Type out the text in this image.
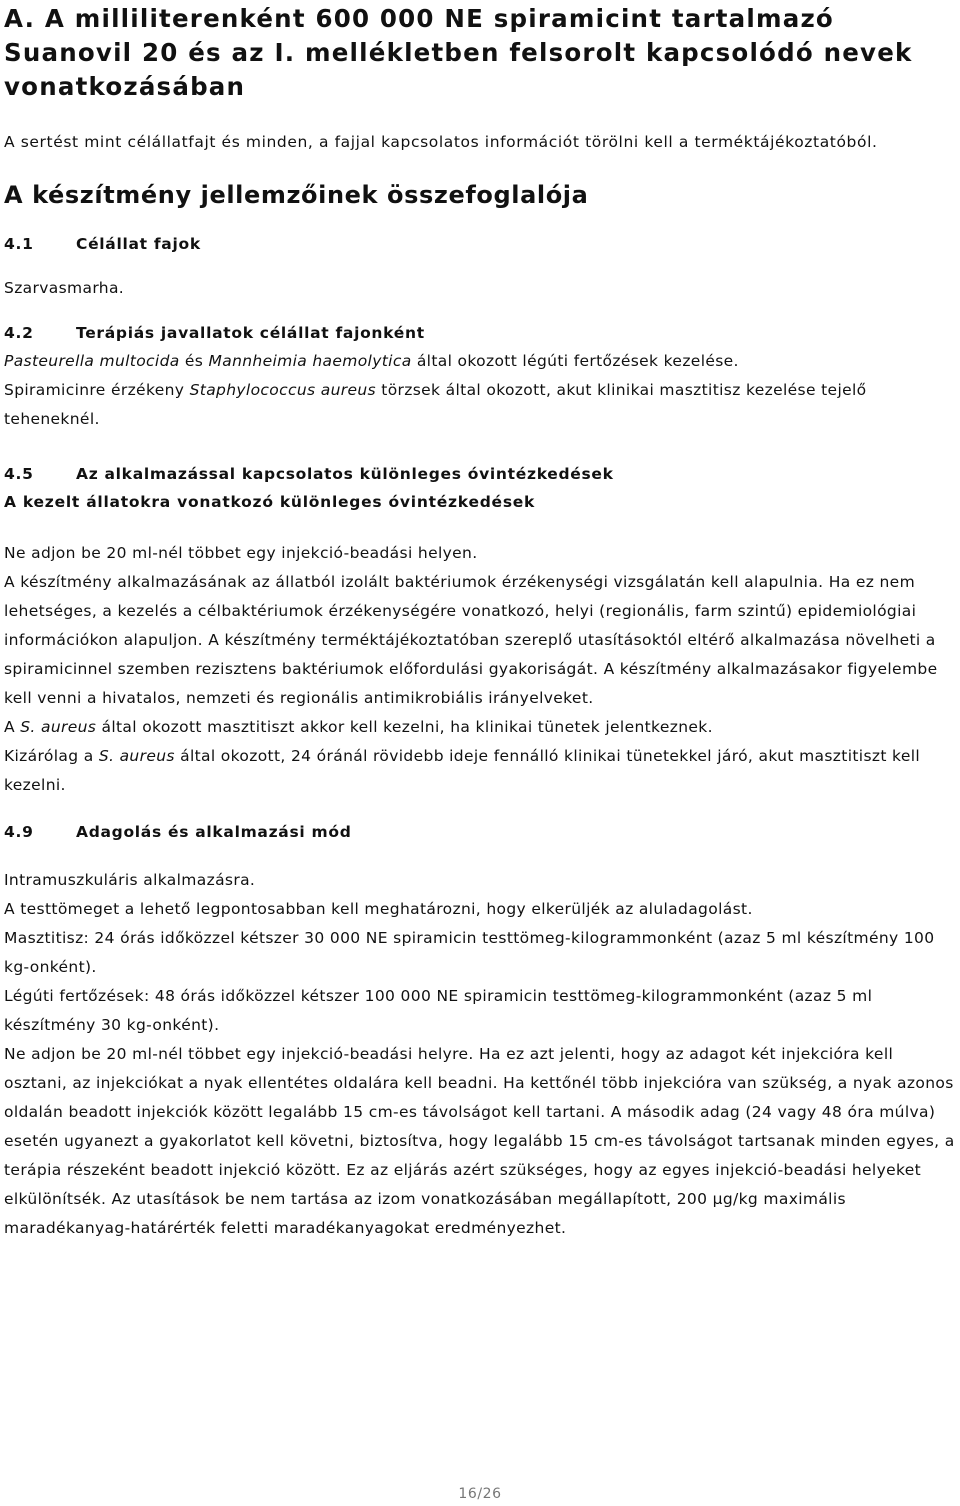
A. A milliliterenként 600 000 NE spiramicint tartalmazó Suanovil 20 és az I. mellékletben felsorolt kapcsolódó nevek vonatkozásában

A sertést mint célállatfajt és minden, a fajjal kapcsolatos információt törölni kell a terméktájékoztatóból.

A készítmény jellemzőinek összefoglalója
4.1	Célállat fajok

Szarvasmarha.

4.2	Terápiás javallatok célállat fajonként

Pasteurella multocida és Mannheimia haemolytica által okozott légúti fertőzések kezelése.

Spiramicinre érzékeny Staphylococcus aureus törzsek által okozott, akut klinikai masztitisz kezelése tejelő teheneknél.

4.5	Az alkalmazással kapcsolatos különleges óvintézkedések

A kezelt állatokra vonatkozó különleges óvintézkedések

Ne adjon be 20 ml-nél többet egy injekció-beadási helyen.

A készítmény alkalmazásának az állatból izolált baktériumok érzékenységi vizsgálatán kell alapulnia. Ha ez nem lehetséges, a kezelés a célbaktériumok érzékenységére vonatkozó, helyi (regionális, farm szintű) epidemiológiai információkon alapuljon. A készítmény terméktájékoztatóban szereplő utasításoktól eltérő alkalmazása növelheti a spiramicinnel szemben rezisztens baktériumok előfordulási gyakoriságát. A készítmény alkalmazásakor figyelembe kell venni a hivatalos, nemzeti és regionális antimikrobiális irányelveket.

A S. aureus által okozott masztitiszt akkor kell kezelni, ha klinikai tünetek jelentkeznek.

Kizárólag a S. aureus által okozott, 24 óránál rövidebb ideje fennálló klinikai tünetekkel járó, akut masztitiszt kell kezelni.

4.9	Adagolás és alkalmazási mód

Intramuszkuláris alkalmazásra.

A testtömeget a lehető legpontosabban kell meghatározni, hogy elkerüljék az aluladagolást.

Masztitisz: 24 órás időközzel kétszer 30 000 NE spiramicin testtömeg-kilogrammonként (azaz 5 ml készítmény 100 kg-onként).

Légúti fertőzések: 48 órás időközzel kétszer 100 000 NE spiramicin testtömeg-kilogrammonként (azaz 5 ml készítmény 30 kg-onként).

Ne adjon be 20 ml-nél többet egy injekció-beadási helyre. Ha ez azt jelenti, hogy az adagot két injekcióra kell osztani, az injekciókat a nyak ellentétes oldalára kell beadni. Ha kettőnél több injekcióra van szükség, a nyak azonos oldalán beadott injekciók között legalább 15 cm-es távolságot kell tartani. A második adag (24 vagy 48 óra múlva) esetén ugyanezt a gyakorlatot kell követni, biztosítva, hogy legalább 15 cm-es távolságot tartsanak minden egyes, a terápia részeként beadott injekció között. Ez az eljárás azért szükséges, hogy az egyes injekció-beadási helyeket elkülönítsék. Az utasítások be nem tartása az izom vonatkozásában megállapított, 200 µg/kg maximális maradékanyag-határérték feletti maradékanyagokat eredményezhet.

16/26
